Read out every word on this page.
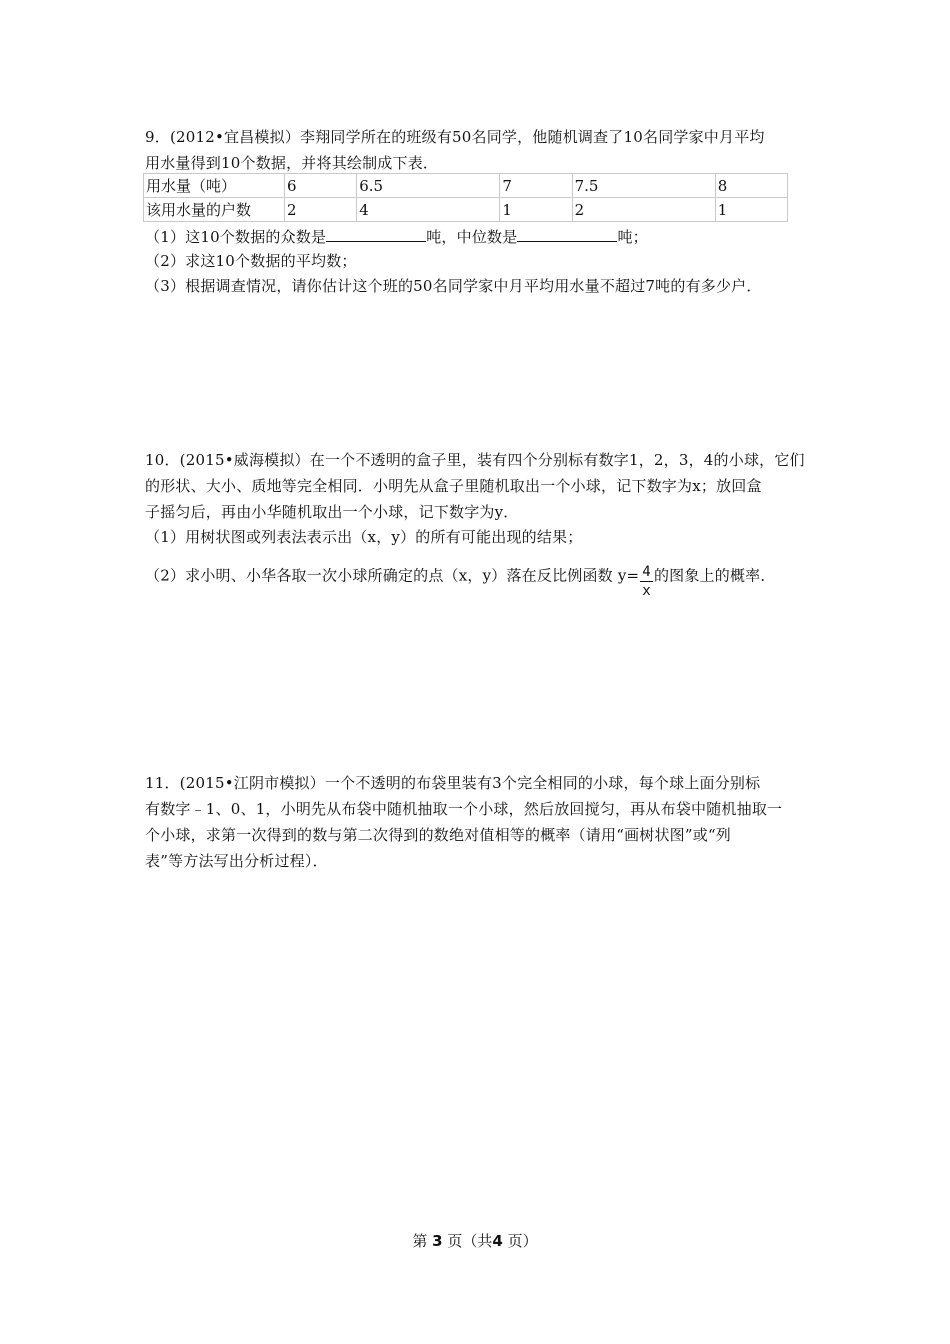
9．(2012•宜昌模拟）李翔同学所在的班级有50名同学，他随机调查了10名同学家中月平均
用水量得到10个数据，并将其绘制成下表．
用水量（吨）	6	6.5	7	7.5	8
该用水量的户数	2	4	1	2	1
（1）这10个数据的众数是	吨，中位数是	吨；
（2）求这10个数据的平均数；
（3）根据调查情况，请你估计这个班的50名同学家中月平均用水量不超过7吨的有多少户．
10．(2015•威海模拟）在一个不透明的盒子里，装有四个分别标有数字1，2，3，4的小球，它们
的形状、大小、质地等完全相同．小明先从盒子里随机取出一个小球，记下数字为x；放回盒
子摇匀后，再由小华随机取出一个小球，记下数字为y．
（1）用树状图或列表法表示出（x，y）的所有可能出现的结果；
（2）求小明、小华各取一次小球所确定的点（x，y）落在反比例函数 $y= \frac{4}{x}$ 的图象上的概率．
11．(2015•江阴市模拟）一个不透明的布袋里装有3个完全相同的小球，每个球上面分别标
有数字﹣1、0、1，小明先从布袋中随机抽取一个小球，然后放回搅匀，再从布袋中随机抽取一
个小球，求第一次得到的数与第二次得到的数绝对值相等的概率（请用“画树状图”或“列
表”等方法写出分析过程）．
第 3 页（共4 页）
